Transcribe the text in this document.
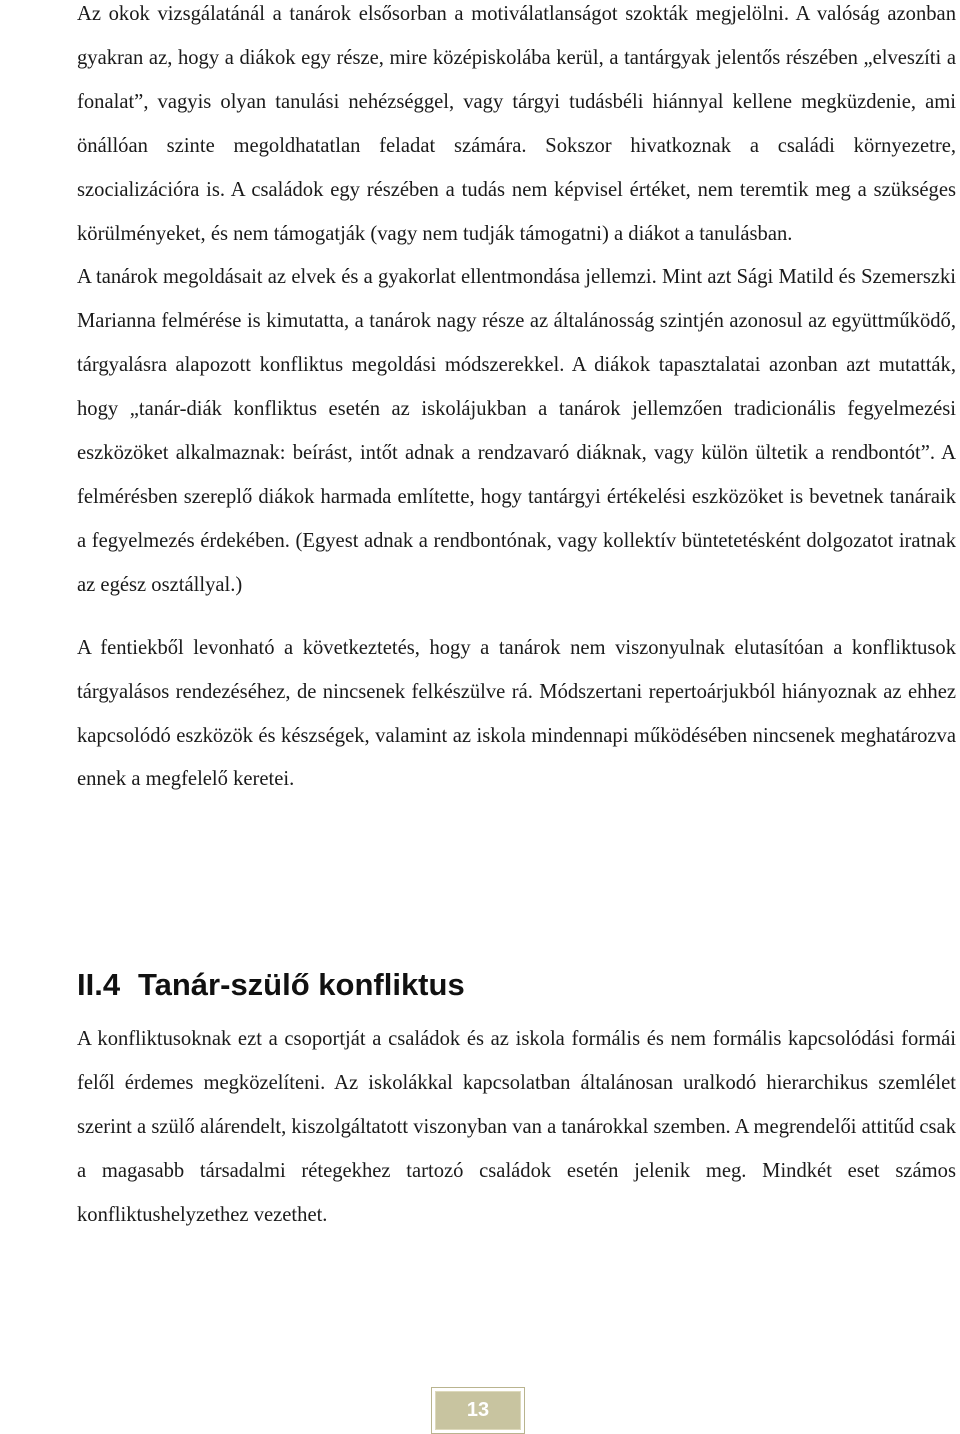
Az okok vizsgálatánál a tanárok elsősorban a motiválatlanságot szokták megjelölni. A valóság azonban gyakran az, hogy a diákok egy része, mire középiskolába kerül, a tantárgyak jelentős részében „elveszíti a fonalat”, vagyis olyan tanulási nehézséggel, vagy tárgyi tudásbéli hiánnyal kellene megküzdenie, ami önállóan szinte megoldhatatlan feladat számára. Sokszor hivatkoznak a családi környezetre, szocializációra is. A családok egy részében a tudás nem képvisel értéket, nem teremtik meg a szükséges körülményeket, és nem támogatják (vagy nem tudják támogatni) a diákot a tanulásban.

A tanárok megoldásait az elvek és a gyakorlat ellentmondása jellemzi. Mint azt Sági Matild és Szemerszki Marianna felmérése is kimutatta, a tanárok nagy része az általánosság szintjén azonosul az együttműködő, tárgyalásra alapozott konfliktus megoldási módszerekkel. A diákok tapasztalatai azonban azt mutatták, hogy „tanár-diák konfliktus esetén az iskolájukban a tanárok jellemzően tradicionális fegyelmezési eszközöket alkalmaznak: beírást, intőt adnak a rendzavaró diáknak, vagy külön ültetik a rendbontót”. A felmérésben szereplő diákok harmada említette, hogy tantárgyi értékelési eszközöket is bevetnek tanáraik a fegyelmezés érdekében. (Egyest adnak a rendbontónak, vagy kollektív büntetetésként dolgozatot iratnak az egész osztállyal.)

A fentiekből levonható a következtetés, hogy a tanárok nem viszonyulnak elutasítóan a konfliktusok tárgyalásos rendezéséhez, de nincsenek felkészülve rá. Módszertani repertoárjukból hiányoznak az ehhez kapcsolódó eszközök és készségek, valamint az iskola mindennapi működésében nincsenek meghatározva ennek a megfelelő keretei.

II.4 Tanár-szülő konfliktus

A konfliktusoknak ezt a csoportját a családok és az iskola formális és nem formális kapcsolódási formái felől érdemes megközelíteni. Az iskolákkal kapcsolatban általánosan uralkodó hierarchikus szemlélet szerint a szülő alárendelt, kiszolgáltatott viszonyban van a tanárokkal szemben. A megrendelői attitűd csak a magasabb társadalmi rétegekhez tartozó családok esetén jelenik meg. Mindkét eset számos konfliktushelyzethez vezethet.

13
